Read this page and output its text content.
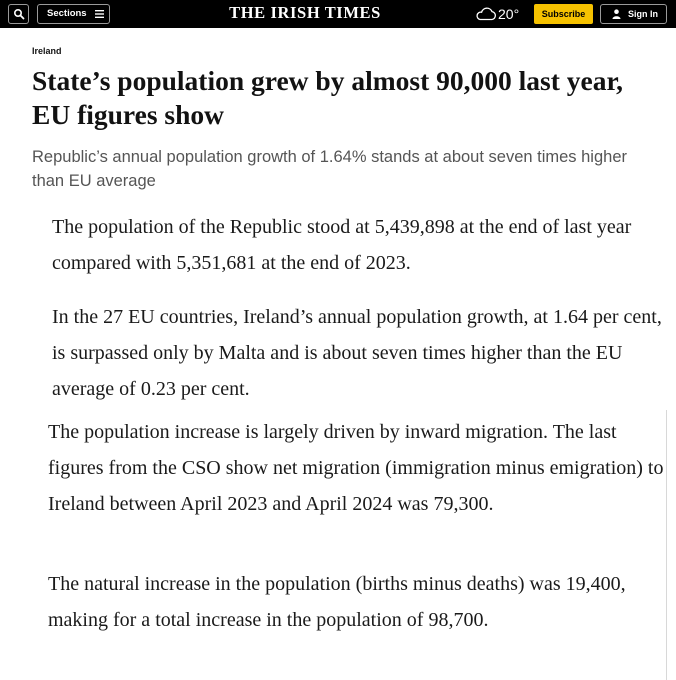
Sections	THE IRISH TIMES	20°	Subscribe	Sign In
Ireland
State’s population grew by almost 90,000 last year, EU figures show

Republic’s annual population growth of 1.64% stands at about seven times higher than EU average

The population of the Republic stood at 5,439,898 at the end of last year compared with 5,351,681 at the end of 2023.

In the 27 EU countries, Ireland’s annual population growth, at 1.64 per cent, is surpassed only by Malta and is about seven times higher than the EU average of 0.23 per cent.

The population increase is largely driven by inward migration. The last figures from the CSO show net migration (immigration minus emigration) to Ireland between April 2023 and April 2024 was 79,300.

The natural increase in the population (births minus deaths) was 19,400, making for a total increase in the population of 98,700.
